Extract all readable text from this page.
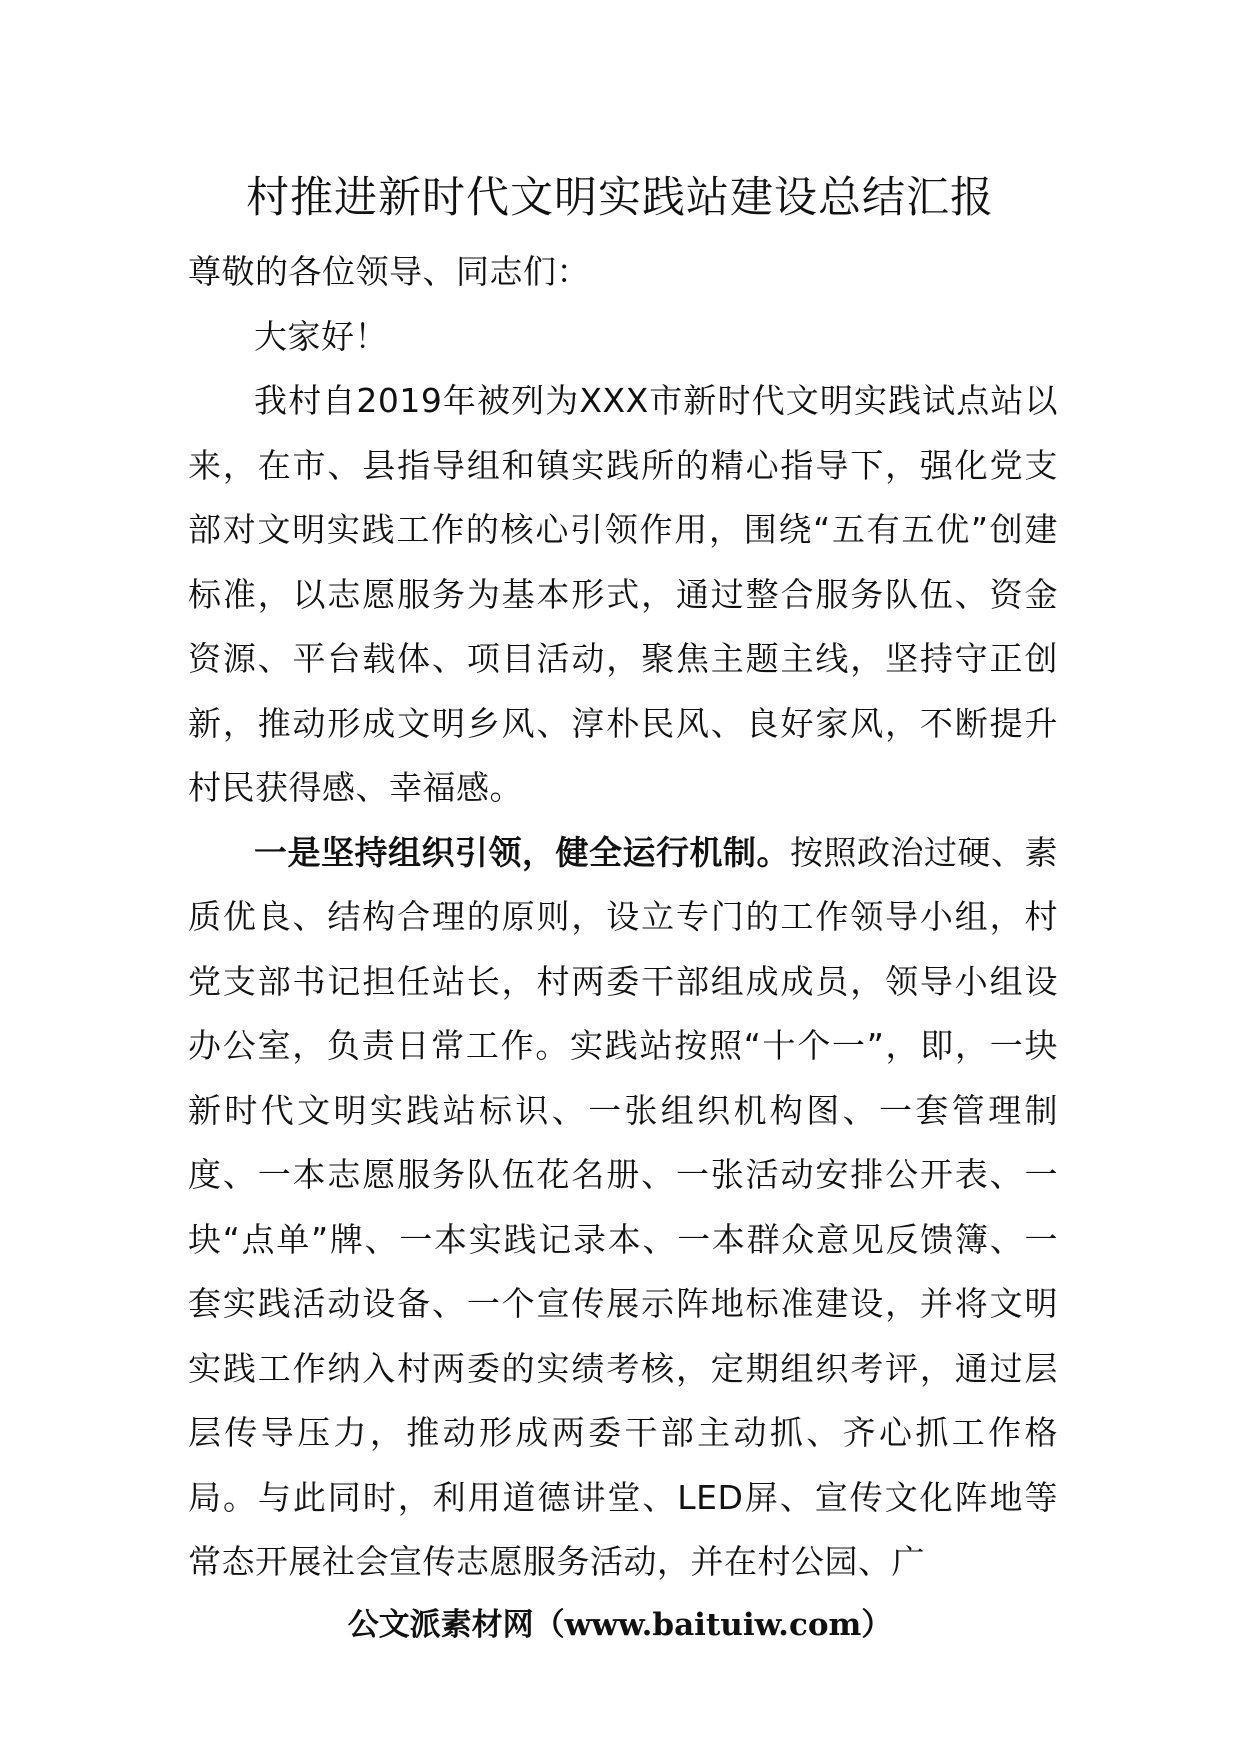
村推进新时代文明实践站建设总结汇报

尊敬的各位领导、同志们：

大家好！

我村自2019年被列为XXX市新时代文明实践试点站以来，在市、县指导组和镇实践所的精心指导下，强化党支部对文明实践工作的核心引领作用，围绕“五有五优”创建标准，以志愿服务为基本形式，通过整合服务队伍、资金资源、平台载体、项目活动，聚焦主题主线，坚持守正创新，推动形成文明乡风、淳朴民风、良好家风，不断提升村民获得感、幸福感。

一是坚持组织引领，健全运行机制。按照政治过硬、素质优良、结构合理的原则，设立专门的工作领导小组，村党支部书记担任站长，村两委干部组成成员，领导小组设办公室，负责日常工作。实践站按照“十个一”，即，一块新时代文明实践站标识、一张组织机构图、一套管理制度、一本志愿服务队伍花名册、一张活动安排公开表、一块“点单”牌、一本实践记录本、一本群众意见反馈簿、一套实践活动设备、一个宣传展示阵地标准建设，并将文明实践工作纳入村两委的实绩考核，定期组织考评，通过层层传导压力，推动形成两委干部主动抓、齐心抓工作格局。与此同时，利用道德讲堂、LED屏、宣传文化阵地等常态开展社会宣传志愿服务活动，并在村公园、广

公文派素材网（www.baituiw.com）
